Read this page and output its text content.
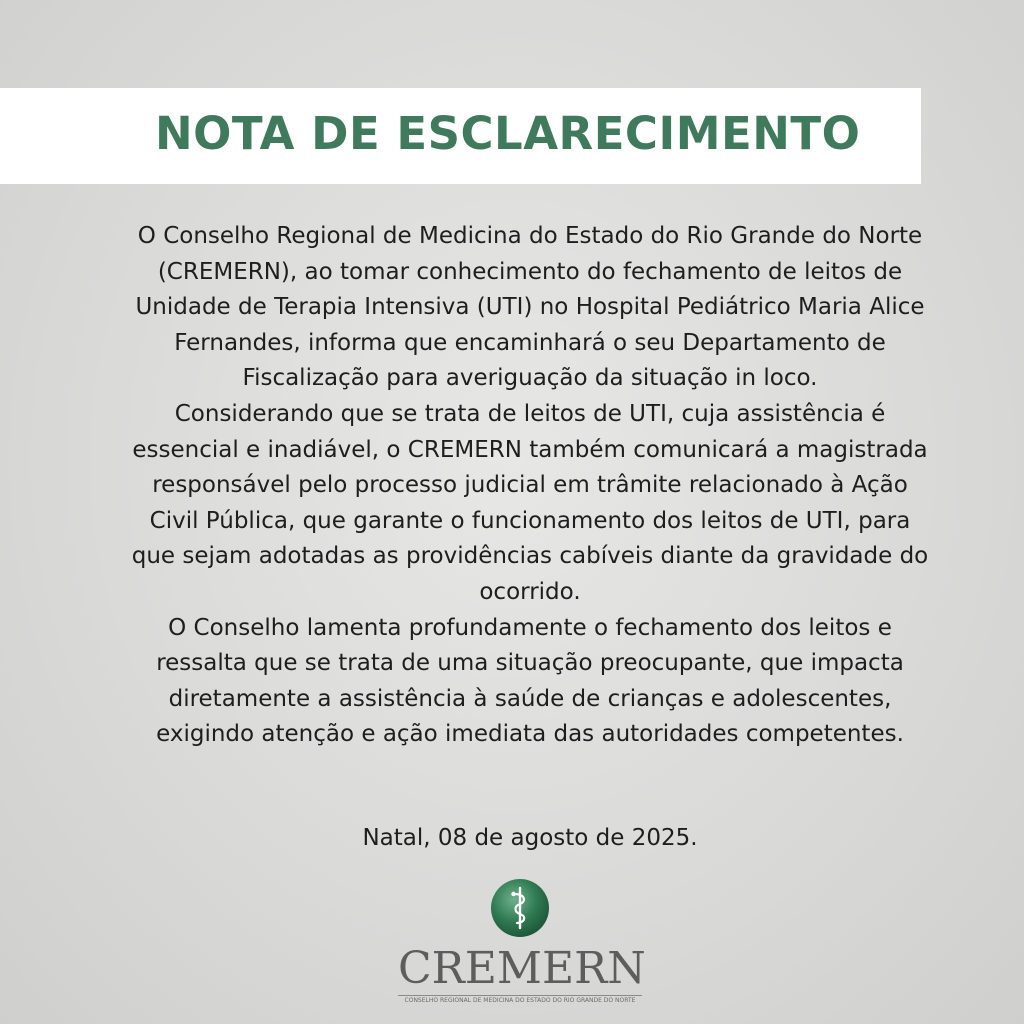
NOTA DE ESCLARECIMENTO
O Conselho Regional de Medicina do Estado do Rio Grande do Norte
(CREMERN), ao tomar conhecimento do fechamento de leitos de
Unidade de Terapia Intensiva (UTI) no Hospital Pediátrico Maria Alice
Fernandes, informa que encaminhará o seu Departamento de
Fiscalização para averiguação da situação in loco.
Considerando que se trata de leitos de UTI, cuja assistência é
essencial e inadiável, o CREMERN também comunicará a magistrada
responsável pelo processo judicial em trâmite relacionado à Ação
Civil Pública, que garante o funcionamento dos leitos de UTI, para
que sejam adotadas as providências cabíveis diante da gravidade do
ocorrido.
O Conselho lamenta profundamente o fechamento dos leitos e
ressalta que se trata de uma situação preocupante, que impacta
diretamente a assistência à saúde de crianças e adolescentes,
exigindo atenção e ação imediata das autoridades competentes.
Natal, 08 de agosto de 2025.
CREMERN
CONSELHO REGIONAL DE MEDICINA DO ESTADO DO RIO GRANDE DO NORTE
